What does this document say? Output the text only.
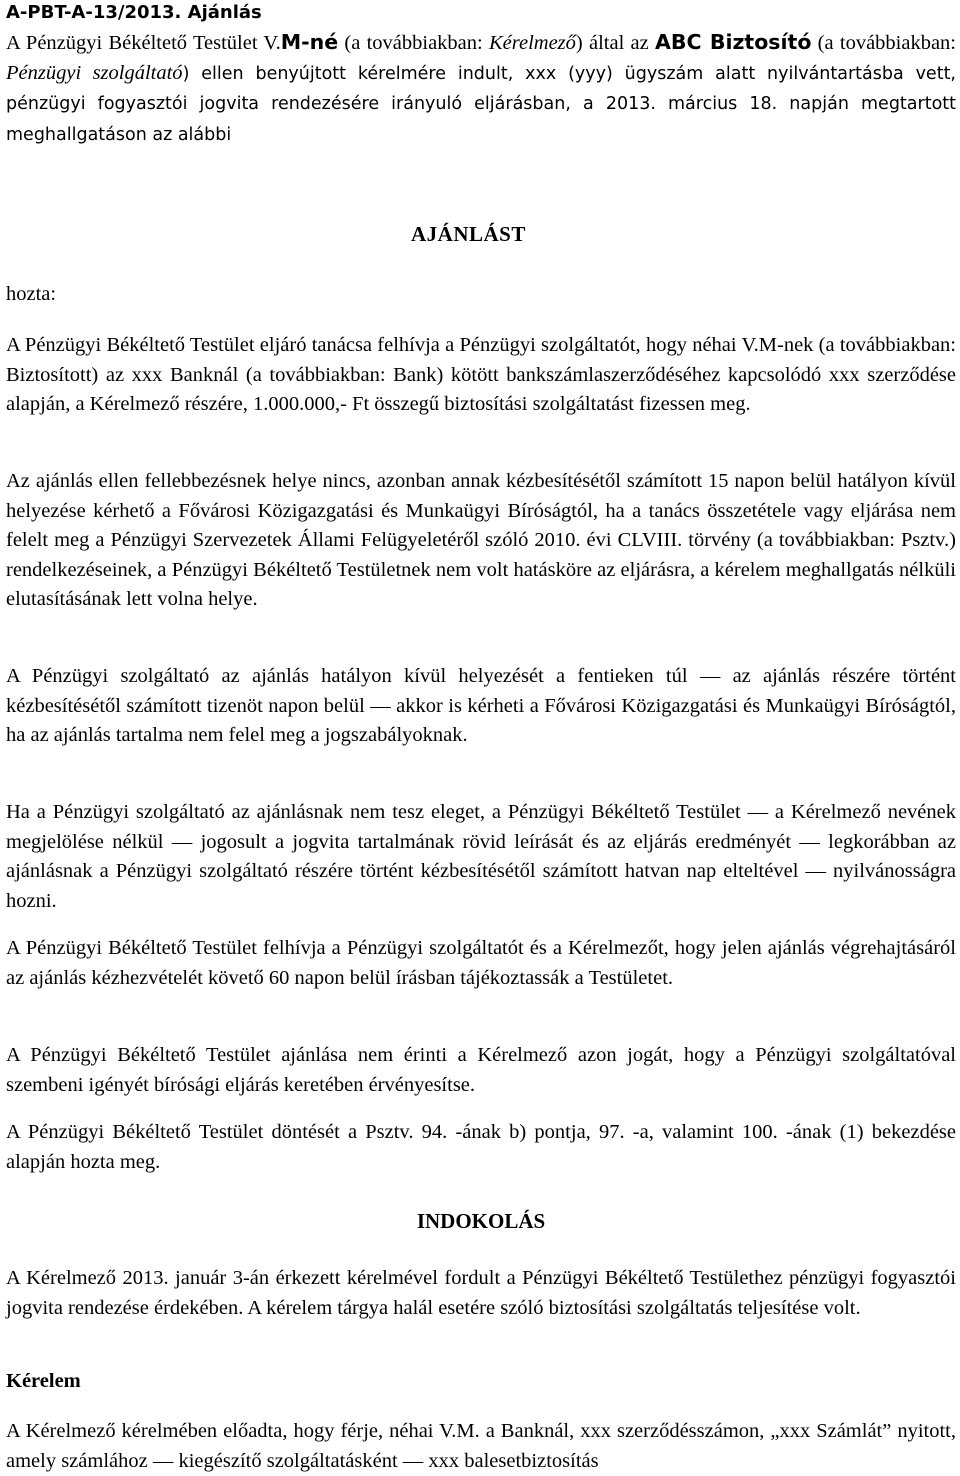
A-PBT-A-13/2013. Ajánlás

A Pénzügyi Békéltető Testület V.M-né (a továbbiakban: Kérelmező) által az ABC Biztosító (a továbbiakban: Pénzügyi szolgáltató) ellen benyújtott kérelmére indult, xxx (yyy) ügyszám alatt nyilvántartásba vett, pénzügyi fogyasztói jogvita rendezésére irányuló eljárásban, a 2013. március 18. napján megtartott meghallgatáson az alábbi

AJÁNLÁST
hozta:

A Pénzügyi Békéltető Testület eljáró tanácsa felhívja a Pénzügyi szolgáltatót, hogy néhai V.M-nek (a továbbiakban: Biztosított) az xxx Banknál (a továbbiakban: Bank) kötött bankszámlaszerződéséhez kapcsolódó xxx szerződése alapján, a Kérelmező részére, 1.000.000,- Ft összegű biztosítási szolgáltatást fizessen meg.

Az ajánlás ellen fellebbezésnek helye nincs, azonban annak kézbesítésétől számított 15 napon belül hatályon kívül helyezése kérhető a Fővárosi Közigazgatási és Munkaügyi Bíróságtól, ha a tanács összetétele vagy eljárása nem felelt meg a Pénzügyi Szervezetek Állami Felügyeletéről szóló 2010. évi CLVIII. törvény (a továbbiakban: Psztv.) rendelkezéseinek, a Pénzügyi Békéltető Testületnek nem volt hatásköre az eljárásra, a kérelem meghallgatás nélküli elutasításának lett volna helye.

A Pénzügyi szolgáltató az ajánlás hatályon kívül helyezését a fentieken túl — az ajánlás részére történt kézbesítésétől számított tizenöt napon belül — akkor is kérheti a Fővárosi Közigazgatási és Munkaügyi Bíróságtól, ha az ajánlás tartalma nem felel meg a jogszabályoknak.

Ha a Pénzügyi szolgáltató az ajánlásnak nem tesz eleget, a Pénzügyi Békéltető Testület — a Kérelmező nevének megjelölése nélkül — jogosult a jogvita tartalmának rövid leírását és az eljárás eredményét — legkorábban az ajánlásnak a Pénzügyi szolgáltató részére történt kézbesítésétől számított hatvan nap elteltével — nyilvánosságra hozni.

A Pénzügyi Békéltető Testület felhívja a Pénzügyi szolgáltatót és a Kérelmezőt, hogy jelen ajánlás végrehajtásáról az ajánlás kézhezvételét követő 60 napon belül írásban tájékoztassák a Testületet.

A Pénzügyi Békéltető Testület ajánlása nem érinti a Kérelmező azon jogát, hogy a Pénzügyi szolgáltatóval szembeni igényét bírósági eljárás keretében érvényesítse.

A Pénzügyi Békéltető Testület döntését a Psztv. 94. -ának b) pontja, 97. -a, valamint 100. -ának (1) bekezdése alapján hozta meg.

INDOKOLÁS

A Kérelmező 2013. január 3-án érkezett kérelmével fordult a Pénzügyi Békéltető Testülethez pénzügyi fogyasztói jogvita rendezése érdekében. A kérelem tárgya halál esetére szóló biztosítási szolgáltatás teljesítése volt.

Kérelem

A Kérelmező kérelmében előadta, hogy férje, néhai V.M. a Banknál, xxx szerződésszámon, „xxx Számlát” nyitott, amely számlához — kiegészítő szolgáltatásként — xxx balesetbiztosítás
